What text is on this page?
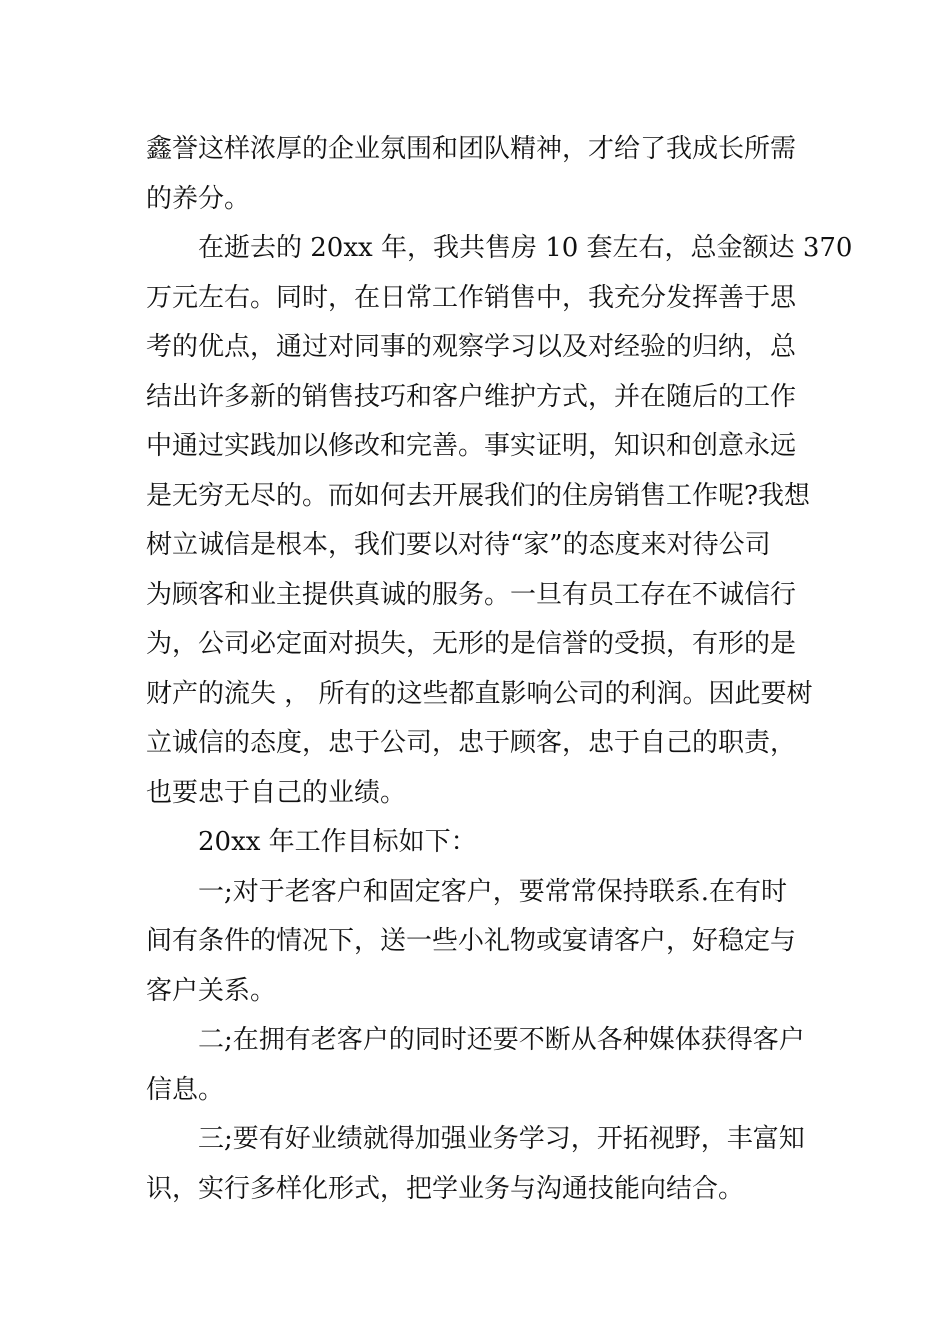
鑫誉这样浓厚的企业氛围和团队精神，才给了我成长所需
的养分。
在逝去的 20xx 年，我共售房 10 套左右，总金额达 370
万元左右。同时，在日常工作销售中，我充分发挥善于思
考的优点，通过对同事的观察学习以及对经验的归纳，总
结出许多新的销售技巧和客户维护方式，并在随后的工作
中通过实践加以修改和完善。事实证明，知识和创意永远
是无穷无尽的。而如何去开展我们的住房销售工作呢?我想
树立诚信是根本，我们要以对待“家”的态度来对待公司
为顾客和业主提供真诚的服务。一旦有员工存在不诚信行
为，公司必定面对损失，无形的是信誉的受损，有形的是
财产的流失 ， 所有的这些都直影响公司的利润。因此要树
立诚信的态度，忠于公司，忠于顾客，忠于自己的职责，
也要忠于自己的业绩。
20xx 年工作目标如下：
一;对于老客户和固定客户，要常常保持联系.在有时
间有条件的情况下，送一些小礼物或宴请客户，好稳定与
客户关系。
二;在拥有老客户的同时还要不断从各种媒体获得客户
信息。
三;要有好业绩就得加强业务学习，开拓视野，丰富知
识，实行多样化形式，把学业务与沟通技能向结合。
